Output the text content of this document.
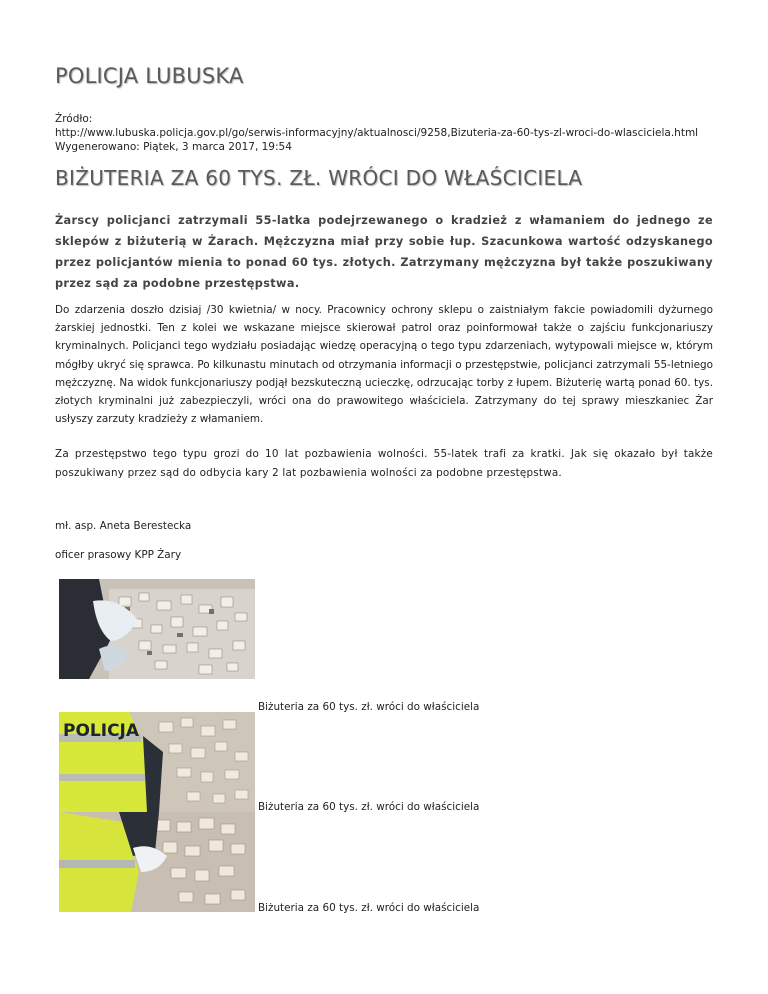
POLICJA LUBUSKA
Źródło:
http://www.lubuska.policja.gov.pl/go/serwis-informacyjny/aktualnosci/9258,Bizuteria-za-60-tys-zl-wroci-do-wlasciciela.html
Wygenerowano: Piątek, 3 marca 2017, 19:54
BIŻUTERIA ZA 60 TYS. ZŁ. WRÓCI DO WŁAŚCICIELA
Żarscy policjanci zatrzymali 55-latka podejrzewanego o kradzież z włamaniem do jednego ze sklepów z biżuterią w Żarach. Mężczyzna miał przy sobie łup. Szacunkowa wartość odzyskanego przez policjantów mienia to ponad 60 tys. złotych. Zatrzymany mężczyzna był także poszukiwany przez sąd za podobne przestępstwa.
Do zdarzenia doszło dzisiaj /30 kwietnia/ w nocy. Pracownicy ochrony sklepu o zaistniałym fakcie powiadomili dyżurnego żarskiej jednostki. Ten z kolei we wskazane miejsce skierował patrol oraz poinformował także o zajściu funkcjonariuszy kryminalnych. Policjanci tego wydziału posiadając wiedzę operacyjną o tego typu zdarzeniach, wytypowali miejsce w, którym mógłby ukryć się sprawca. Po kilkunastu minutach od otrzymania informacji o przestępstwie, policjanci zatrzymali 55-letniego mężczyznę. Na widok funkcjonariuszy podjął bezskuteczną ucieczkę, odrzucając torby z łupem. Biżuterię wartą ponad 60. tys. złotych kryminalni już zabezpieczyli, wróci ona do prawowitego właściciela. Zatrzymany do tej sprawy mieszkaniec Żar usłyszy zarzuty kradzieży z włamaniem.
Za przestępstwo tego typu grozi do 10 lat pozbawienia wolności. 55-latek trafi za kratki. Jak się okazało był także poszukiwany przez sąd do odbycia kary 2 lat pozbawienia wolności za podobne przestępstwa.
mł. asp. Aneta Berestecka
oficer prasowy KPP Żary
Biżuteria za 60 tys. zł. wróci do właściciela
POLICJA
Biżuteria za 60 tys. zł. wróci do właściciela
Biżuteria za 60 tys. zł. wróci do właściciela
